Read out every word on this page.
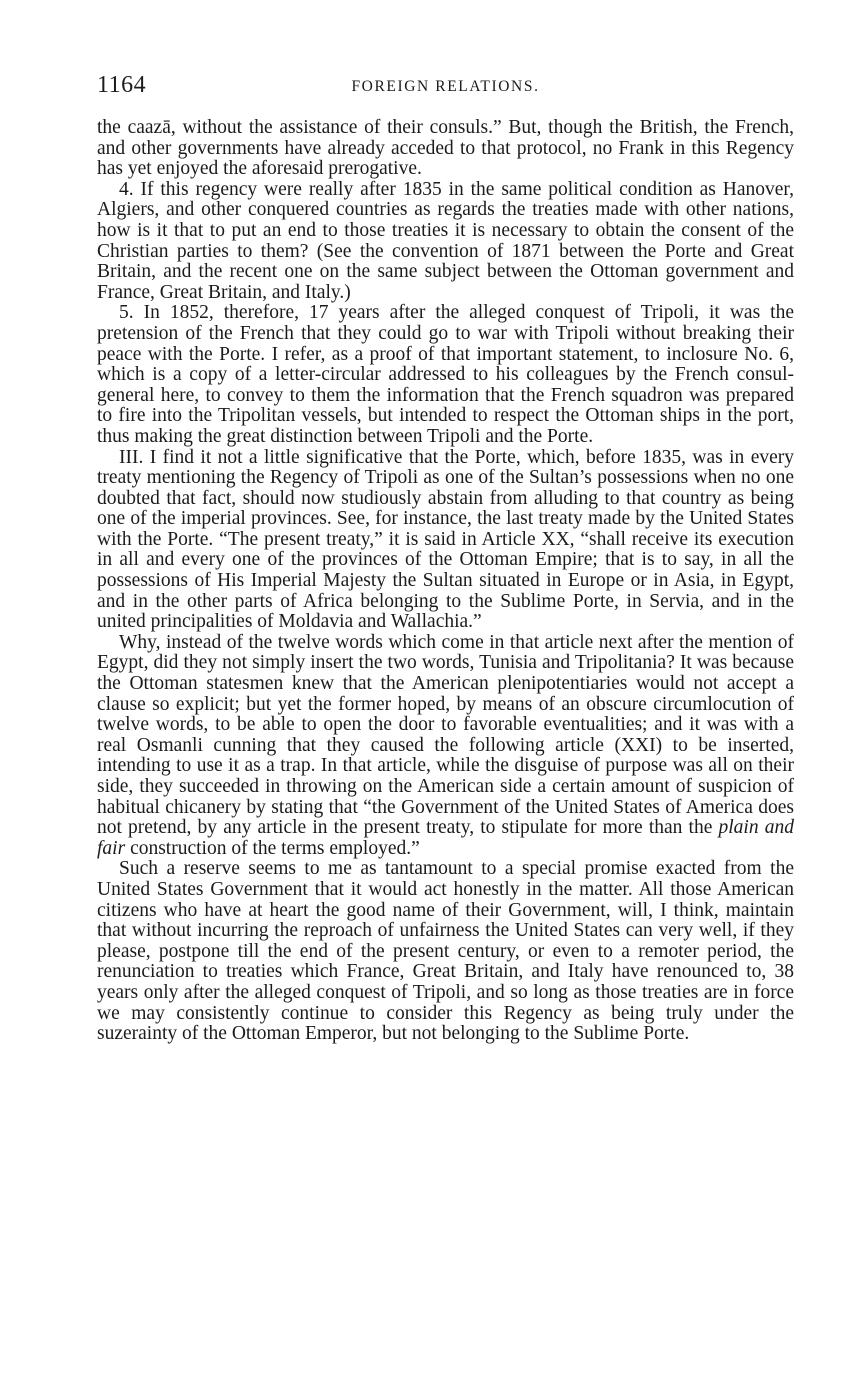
1164	FOREIGN RELATIONS.

the caazā, without the assistance of their consuls.” But, though the British, the French, and other governments have already acceded to that protocol, no Frank in this Regency has yet enjoyed the aforesaid prerogative.

4. If this regency were really after 1835 in the same political condition as Hanover, Algiers, and other conquered countries as regards the treaties made with other nations, how is it that to put an end to those treaties it is necessary to obtain the consent of the Christian parties to them? (See the convention of 1871 between the Porte and Great Britain, and the recent one on the same subject between the Ottoman government and France, Great Britain, and Italy.)

5. In 1852, therefore, 17 years after the alleged conquest of Tripoli, it was the pretension of the French that they could go to war with Tripoli without breaking their peace with the Porte. I refer, as a proof of that important statement, to inclosure No. 6, which is a copy of a letter-circular addressed to his colleagues by the French consul-general here, to convey to them the information that the French squadron was prepared to fire into the Tripolitan vessels, but intended to respect the Ottoman ships in the port, thus making the great distinction between Tripoli and the Porte.

III. I find it not a little significative that the Porte, which, before 1835, was in every treaty mentioning the Regency of Tripoli as one of the Sultan’s possessions when no one doubted that fact, should now studiously abstain from alluding to that country as being one of the imperial provinces. See, for instance, the last treaty made by the United States with the Porte. “The present treaty,” it is said in Article XX, “shall receive its execution in all and every one of the provinces of the Ottoman Empire; that is to say, in all the possessions of His Imperial Majesty the Sultan situated in Europe or in Asia, in Egypt, and in the other parts of Africa belonging to the Sublime Porte, in Servia, and in the united principalities of Moldavia and Wallachia.”

Why, instead of the twelve words which come in that article next after the mention of Egypt, did they not simply insert the two words, Tunisia and Tripolitania? It was because the Ottoman statesmen knew that the American plenipotentiaries would not accept a clause so explicit; but yet the former hoped, by means of an obscure circumlocution of twelve words, to be able to open the door to favorable eventualities; and it was with a real Osmanli cunning that they caused the following article (XXI) to be inserted, intending to use it as a trap. In that article, while the disguise of purpose was all on their side, they succeeded in throwing on the American side a certain amount of suspicion of habitual chicanery by stating that “the Government of the United States of America does not pretend, by any article in the present treaty, to stipulate for more than the plain and fair construction of the terms employed.”

Such a reserve seems to me as tantamount to a special promise exacted from the United States Government that it would act honestly in the matter. All those American citizens who have at heart the good name of their Government, will, I think, maintain that without incurring the reproach of unfairness the United States can very well, if they please, postpone till the end of the present century, or even to a remoter period, the renunciation to treaties which France, Great Britain, and Italy have renounced to, 38 years only after the alleged conquest of Tripoli, and so long as those treaties are in force we may consistently continue to consider this Regency as being truly under the suzerainty of the Ottoman Emperor, but not belonging to the Sublime Porte.
